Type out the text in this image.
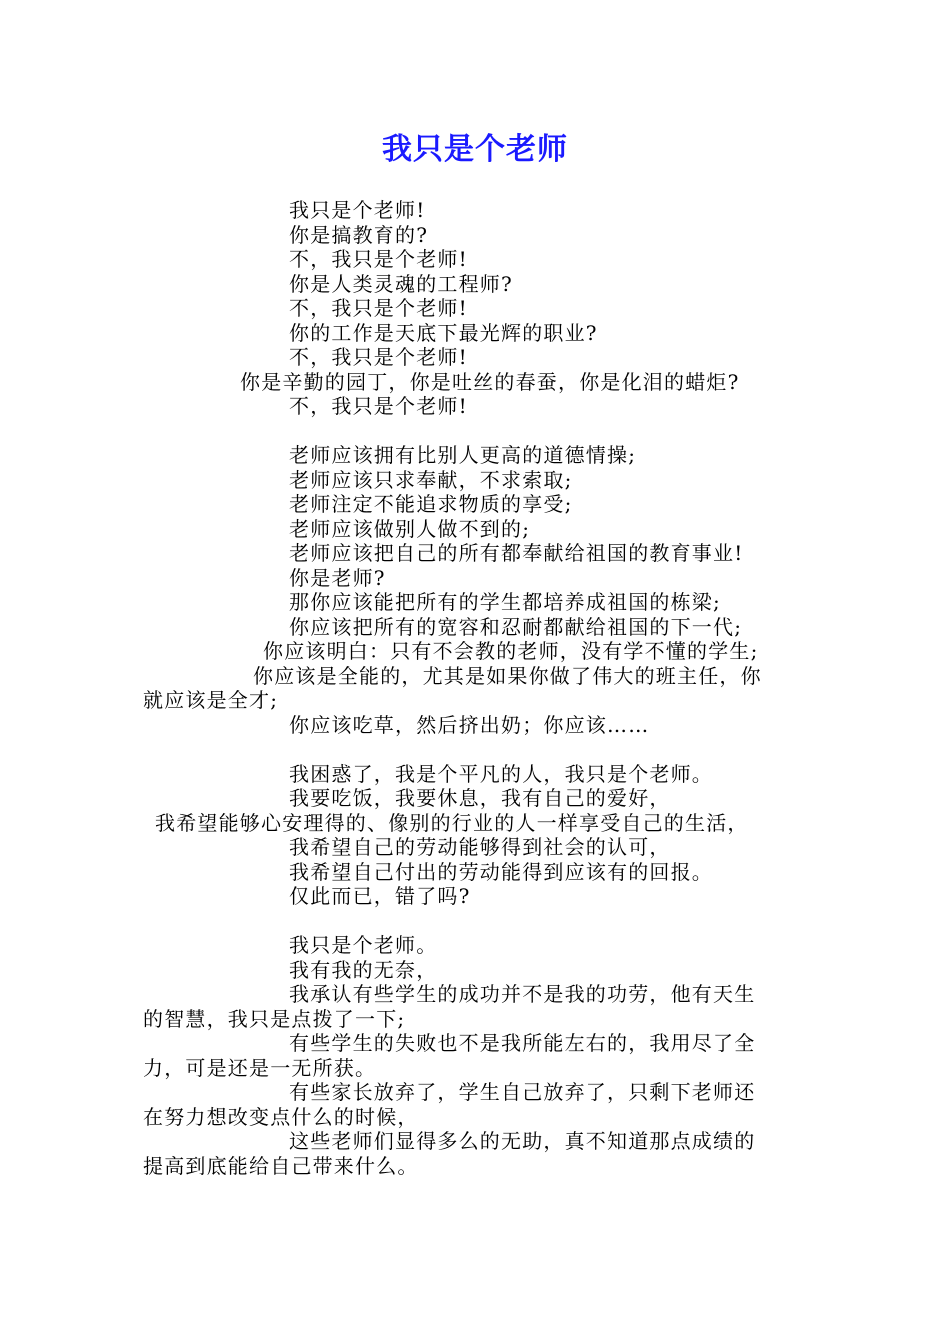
我只是个老师
我只是个老师!
你是搞教育的?
不，我只是个老师!
你是人类灵魂的工程师?
不，我只是个老师!
你的工作是天底下最光辉的职业?
不，我只是个老师!
你是辛勤的园丁，你是吐丝的春蚕，你是化泪的蜡炬?
不，我只是个老师!
老师应该拥有比别人更高的道德情操;
老师应该只求奉献，不求索取;
老师注定不能追求物质的享受;
老师应该做别人做不到的;
老师应该把自己的所有都奉献给祖国的教育事业!
你是老师?
那你应该能把所有的学生都培养成祖国的栋梁;
你应该把所有的宽容和忍耐都献给祖国的下一代;
你应该明白：只有不会教的老师，没有学不懂的学生;
你应该是全能的，尤其是如果你做了伟大的班主任，你
就应该是全才;
你应该吃草，然后挤出奶；你应该……
我困惑了，我是个平凡的人，我只是个老师。
我要吃饭，我要休息，我有自己的爱好，
我希望能够心安理得的、像别的行业的人一样享受自己的生活，
我希望自己的劳动能够得到社会的认可，
我希望自己付出的劳动能得到应该有的回报。
仅此而已，错了吗?
我只是个老师。
我有我的无奈，
我承认有些学生的成功并不是我的功劳，他有天生
的智慧，我只是点拨了一下;
有些学生的失败也不是我所能左右的，我用尽了全
力，可是还是一无所获。
有些家长放弃了，学生自己放弃了，只剩下老师还
在努力想改变点什么的时候，
这些老师们显得多么的无助，真不知道那点成绩的
提高到底能给自己带来什么。
